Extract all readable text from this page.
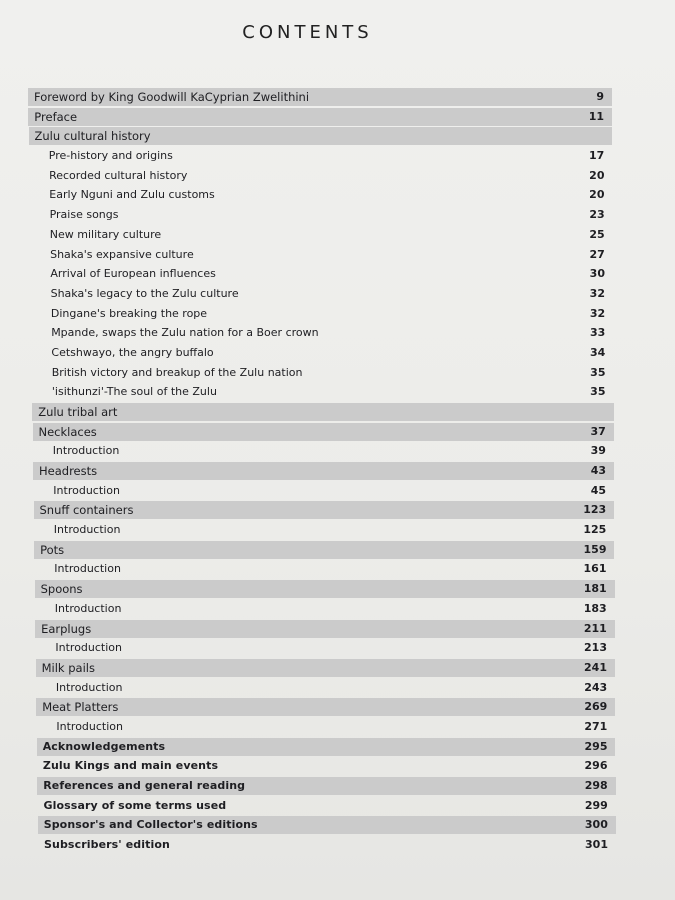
CONTENTS
Foreword by King Goodwill KaCyprian Zwelithini	9
Preface	11
Zulu cultural history
Pre-history and origins	17
Recorded cultural history	20
Early Nguni and Zulu customs	20
Praise songs	23
New military culture	25
Shaka's expansive culture	27
Arrival of European influences	30
Shaka's legacy to the Zulu culture	32
Dingane's breaking the rope	32
Mpande, swaps the Zulu nation for a Boer crown	33
Cetshwayo, the angry buffalo	34
British victory and breakup of the Zulu nation	35
'isithunzi'-The soul of the Zulu	35
Zulu tribal art
Necklaces	37
Introduction	39
Headrests	43
Introduction	45
Snuff containers	123
Introduction	125
Pots	159
Introduction	161
Spoons	181
Introduction	183
Earplugs	211
Introduction	213
Milk pails	241
Introduction	243
Meat Platters	269
Introduction	271
Acknowledgements	295
Zulu Kings and main events	296
References and general reading	298
Glossary of some terms used	299
Sponsor's and Collector's editions	300
Subscribers' edition	301
